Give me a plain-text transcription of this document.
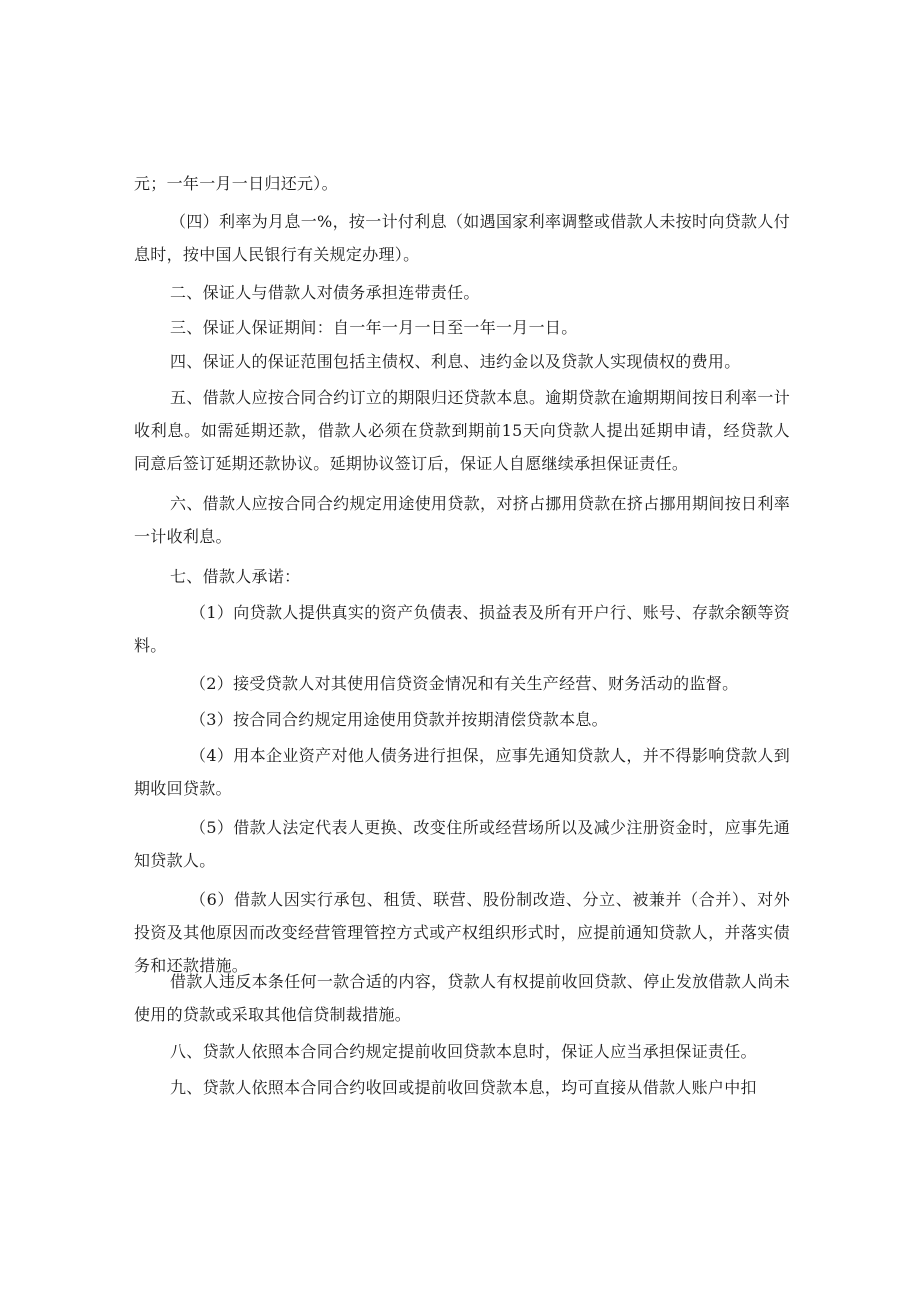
元；一年一月一日归还元）。

（四）利率为月息一%，按一计付利息（如遇国家利率调整或借款人未按时向贷款人付息时，按中国人民银行有关规定办理）。

二、保证人与借款人对债务承担连带责任。

三、保证人保证期间：自一年一月一日至一年一月一日。

四、保证人的保证范围包括主债权、利息、违约金以及贷款人实现债权的费用。

五、借款人应按合同合约订立的期限归还贷款本息。逾期贷款在逾期期间按日利率一计收利息。如需延期还款，借款人必须在贷款到期前15天向贷款人提出延期申请，经贷款人同意后签订延期还款协议。延期协议签订后，保证人自愿继续承担保证责任。

六、借款人应按合同合约规定用途使用贷款，对挤占挪用贷款在挤占挪用期间按日利率一计收利息。

七、借款人承诺：

（1）向贷款人提供真实的资产负债表、损益表及所有开户行、账号、存款余额等资料。

（2）接受贷款人对其使用信贷资金情况和有关生产经营、财务活动的监督。

（3）按合同合约规定用途使用贷款并按期清偿贷款本息。

（4）用本企业资产对他人债务进行担保，应事先通知贷款人，并不得影响贷款人到期收回贷款。

（5）借款人法定代表人更换、改变住所或经营场所以及减少注册资金时，应事先通知贷款人。

（6）借款人因实行承包、租赁、联营、股份制改造、分立、被兼并（合并）、对外投资及其他原因而改变经营管理管控方式或产权组织形式时，应提前通知贷款人，并落实债务和还款措施。

借款人违反本条任何一款合适的内容，贷款人有权提前收回贷款、停止发放借款人尚未使用的贷款或采取其他信贷制裁措施。

八、贷款人依照本合同合约规定提前收回贷款本息时，保证人应当承担保证责任。

九、贷款人依照本合同合约收回或提前收回贷款本息，均可直接从借款人账户中扣
